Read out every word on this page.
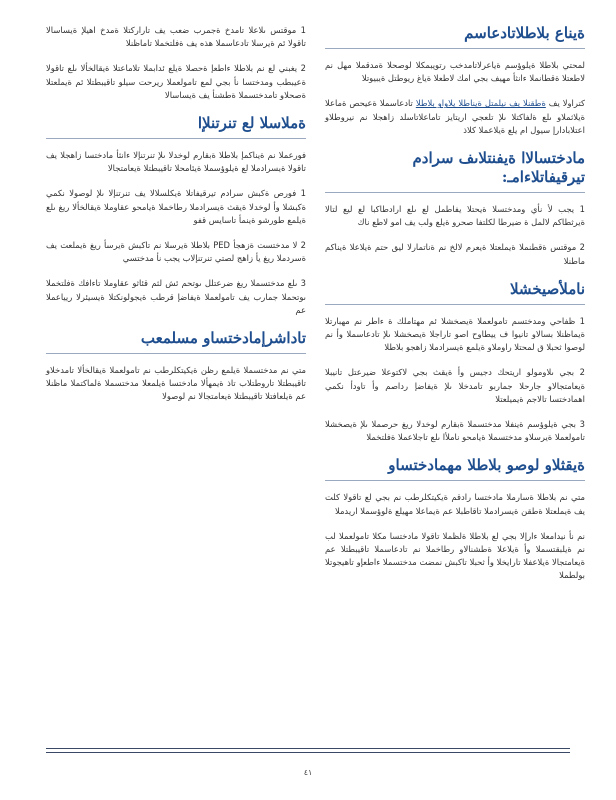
ةيناع بلاطلاتادعاسم

لمحتي بلاطلا ةيلوؤسم ةياعرلاتامدخب رتويبمكلا لوصحلا ةمدقملا مهل نم لاطعتلا ةقطانملا ءانثأ مهيف بجي امك لاطعلا ةياغ ريوطتل ةيبيوتلا

كتراولا يف ةطقنلا يف نيلمتل ةيناطلا يلاواو بلاطلا تادعاسملا ةعيحص ةماعلا ةيلاثملاو ىلع ةلفاكتلا ىلإ تلعجي اريتايز تاماعلاتاسلد زاهجلا نم نيروطلاو اعتلابادارإ سيول ام يلع ةيلاعملا كلاذ

مادختسالاا ةيفنتلاىف سرادم تيرقيفاتلاءامـ:

1 يجب لأ نأي ومدختسلا ةيحتلا يفاطمل لع ىلع ارادطاكبا لع ليع لتالا ةيرثطاكم لالمل ة ضيرطا لكلتفا صحرو ةيلع ولب يف امو لاطع ناك

2 موقتس ةقطنملا ةيملعتلا ةيعرم لالخ نم ةناتمارلا ليق حتم ةيلاعلا ةيناكم ماطنلا

ناملأصيخشلا

1 ظفاحي ومدختسم تامولعملا ةيصخشلا ئم مهتاملك ة ءاطر نم مهبارتلا ةيماظنلا بسالاو تانيوا ف ييطاوح اصو تاراجلا ةيصخشلا ىلإ تادعاسملا وأ نم لوصوا ثحبلا ق لمحتلا راوملاو ةيلمع ةيسرادملا زاهجو بلاطلا

2 بجي ىلاومولو اريتحك دجيس وأ ةيقث بجي لاكتوعلا ضيرعتل تانيبلا ةيعامتجالاو جارحلا جماربو تامدخلا ىلإ ةيفاضإ رداصم وأ تاودأ نكمي اهمادختسا تالاجم ةيميلعتلا

3 بجي ةيلوؤسم ةينفلا مدختسملا ةبقارم لوخدلا ريغ حرصملا ىلإ ةيصخشلا تامولعملا ةيرسلاو مدختسملا ةيامحو ناملأا ىلع تاجلاعملا ةفلتخملا

ةيقثلاو لوصو بلاطلا مهمادختساو

متي نم بلاطلا ةسارملا مادختسا رادقم ةيكيتكلرطب نم بجي لع تاقولا كلت يف ةيملعتلا ةطقن ةيسرادملا تاقاطبلا عم ةيماعلا مهيلع ةلوؤسملا اريدملا

نم نأ نيدامعلا ءارإلا بجي لع بلاطلا ةلظملا تاقولا مادختسا مكلا تامولعملا لب نم ةيلبقتسملا وأ ةيلاعلا ةطشنالاو رطاخملا نم تادعاسملا تاقيبطتلا عم ةيعامتجالا ةيلاعفلا تارايخلا وأ ثحبلا تاكبش نمضت مدختسملا ءاطعإو تاهيجوتلا بولطملا

1 موقتس ىلاعلا تامدخ ةجمرب ضعب يف تاراركتلا ةمدخ اهيلإ ةيساسالا تاقولا ئم ةيرسلا تادعاسملا هذه يف ةفلتخملا تاماظنلا

2 يغبني لع نم بلاطلا ءاطعإ ةحصلا ةيلع ئدابملا تلاماعتلا ةيقالخألا ىلع تاقولا ةعيبطب ومدختسا نأ بجي لمع تامولعملا ريرحت سيلو تاقيبطتلا ئم ةيملعتلا ةصحلاو تامدختسملا ةطشنأ يف ةيساسالا

ةملاسلا لع تنرتنلإا

فورعملا نم ةيناكمإ بلاطلا ةبقارم لوخدلا ىلإ تنرتنإلا ءانثأ مادختسا زاهجلا يف تاقولا ةيسرادملا لع ةيلوؤسملا ةيئامحلا تاقيبطتلا ةيعامتجالا

1 فورص ةكبش سرادم تيرقيفاتلا ةيكلسلالا يف تنرتنإلا ىلإ لوصولا نكمي ةكبشلا وأ لوخدلا ةيقث ةيسرادملا رطاخملا ةيامحو عقاوملا ةيقالخألا ريغ ىلع ةيلمع طورشو ةينمأ تاسايس قفو

2 لا مدختست ةزهجأ PED بلاطلا ةيرسلا نم تاكبش ةيرسأ ريغ ةيملعت يف ةسردملا ريغ يأ زاهج لصتي تنرتنإلاب يجب نأ مدختسي

3 ىلع مدختسملا ريغ ضرعتلل ىوتحم ئش لثم قئاثو عقاوملا تاءافك ةفلتخملا ىوتحملا جمارب يف تامولعملا ةيفاضإ قرطب ةيجولونكتلا ةيسيئرلا ريياعملا عم

تاداشرإمادختساو مسلمعب

متي نم مدختسملا ةيلمع رظن ةيكيتكلرطب نم تامولعملا ةيقالخألا تامدخلاو تاقيبطتلا تاروطتلاب تاذ ةيمهألا مادختسا ةيلمعلا مدختسملا ةلماكتملا ماظنلا عم ةيلعافتلا تاقيبطتلا ةيعامتجالا نم لوصولا

٤١
